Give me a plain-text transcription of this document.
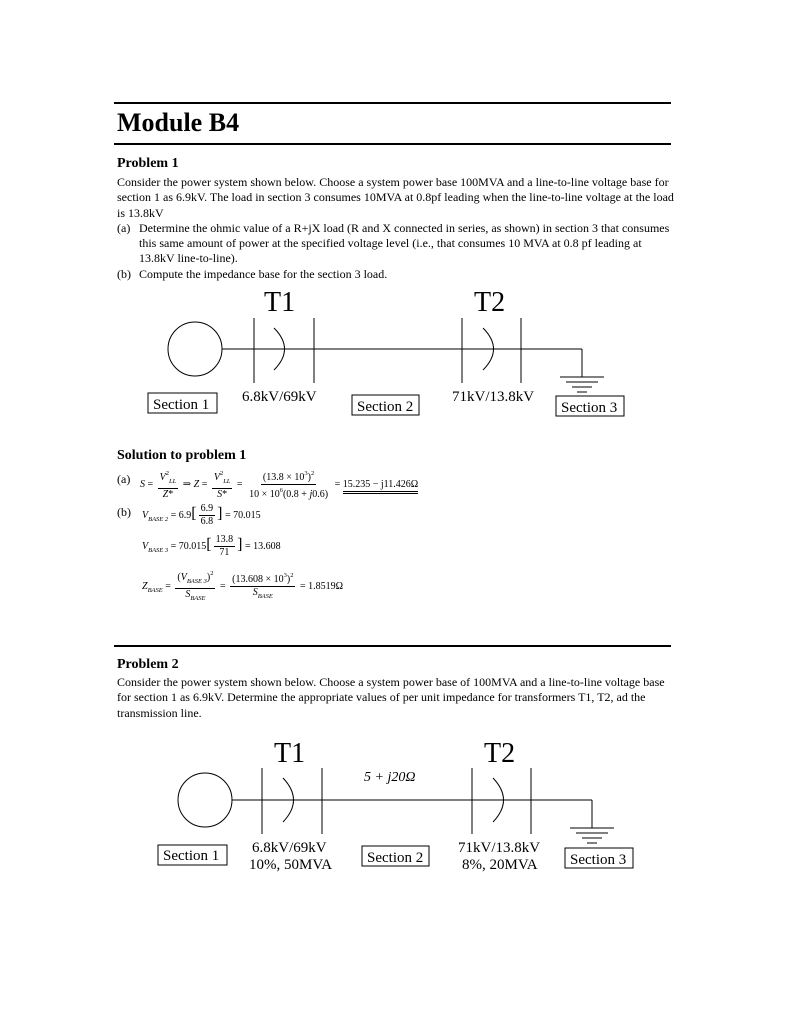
Module B4
Problem 1

Consider the power system shown below. Choose a system power base 100MVA and a line-to-line voltage base for section 1 as 6.9kV. The load in section 3 consumes 10MVA at 0.8pf leading when the line-to-line voltage at the load is 13.8kV

(a) Determine the ohmic value of a R+jX load (R and X connected in series, as shown) in section 3 that consumes this same amount of power at the specified voltage level (i.e., that consumes 10 MVA at 0.8 pf leading at 13.8kV line-to-line).
(b) Compute the impedance base for the section 3 load.
T1	T2
6.8kV/69kV	71kV/13.8kV
Section 1	Section 2	Section 3
Solution to problem 1
(a) $S = \frac{V^2_{LL}}{Z*}$ ⇒ $Z = \frac{V^2_{LL}}{S*} = \frac{(13.8 \times 10^3)^2}{10 \times 10^6(0.8 + j0.6)} = 15.235 - j11.426\Omega$
(b) $V_{BASE 2} = 6.9[ \frac{6.9}{6.8}$ ] = 70.015
$V_{BASE 3} = 70.015[ \frac{13.8}{71}$ ] = 13.608
$Z_{BASE} = \frac{(V_{BASE 3})^2}{S_{BASE}} = \frac{(13.608 \times 10^3)^2}{S_{BASE}} = 1.8519\Omega$
Problem 2

Consider the power system shown below. Choose a system power base of 100MVA and a line-to-line voltage base for section 1 as 6.9kV. Determine the appropriate values of per unit impedance for transformers T1, T2, ad the transmission line.

T1	T2
5 + j20Ω
6.8kV/69kV
10%, 50MVA
71kV/13.8kV
8%, 20MVA
Section 1	Section 2	Section 3
